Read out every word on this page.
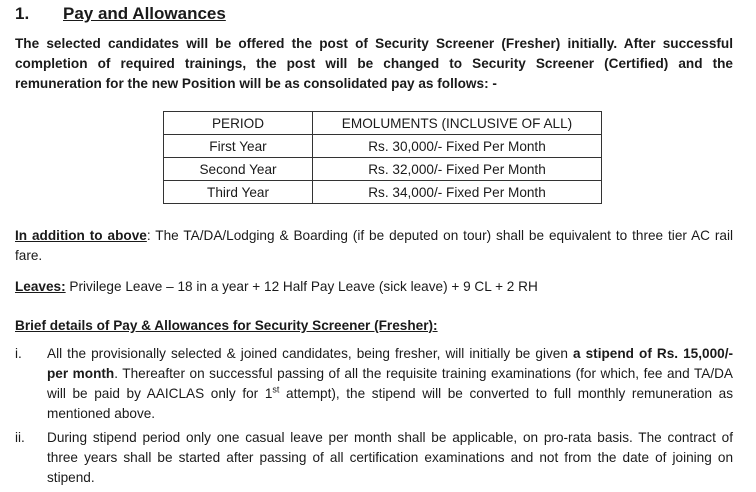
1. Pay and Allowances
The selected candidates will be offered the post of Security Screener (Fresher) initially. After successful completion of required trainings, the post will be changed to Security Screener (Certified) and the remuneration for the new Position will be as consolidated pay as follows: -
PERIOD	EMOLUMENTS (INCLUSIVE OF ALL)
First Year	Rs. 30,000/- Fixed Per Month
Second Year	Rs. 32,000/- Fixed Per Month
Third Year	Rs. 34,000/- Fixed Per Month
In addition to above: The TA/DA/Lodging & Boarding (if be deputed on tour) shall be equivalent to three tier AC rail fare.
Leaves: Privilege Leave – 18 in a year + 12 Half Pay Leave (sick leave) + 9 CL + 2 RH
Brief details of Pay & Allowances for Security Screener (Fresher):
i.	All the provisionally selected & joined candidates, being fresher, will initially be given a stipend of Rs. 15,000/- per month. Thereafter on successful passing of all the requisite training examinations (for which, fee and TA/DA will be paid by AAICLAS only for 1st attempt), the stipend will be converted to full monthly remuneration as mentioned above.
ii.	During stipend period only one casual leave per month shall be applicable, on pro-rata basis. The contract of three years shall be started after passing of all certification examinations and not from the date of joining on stipend.
